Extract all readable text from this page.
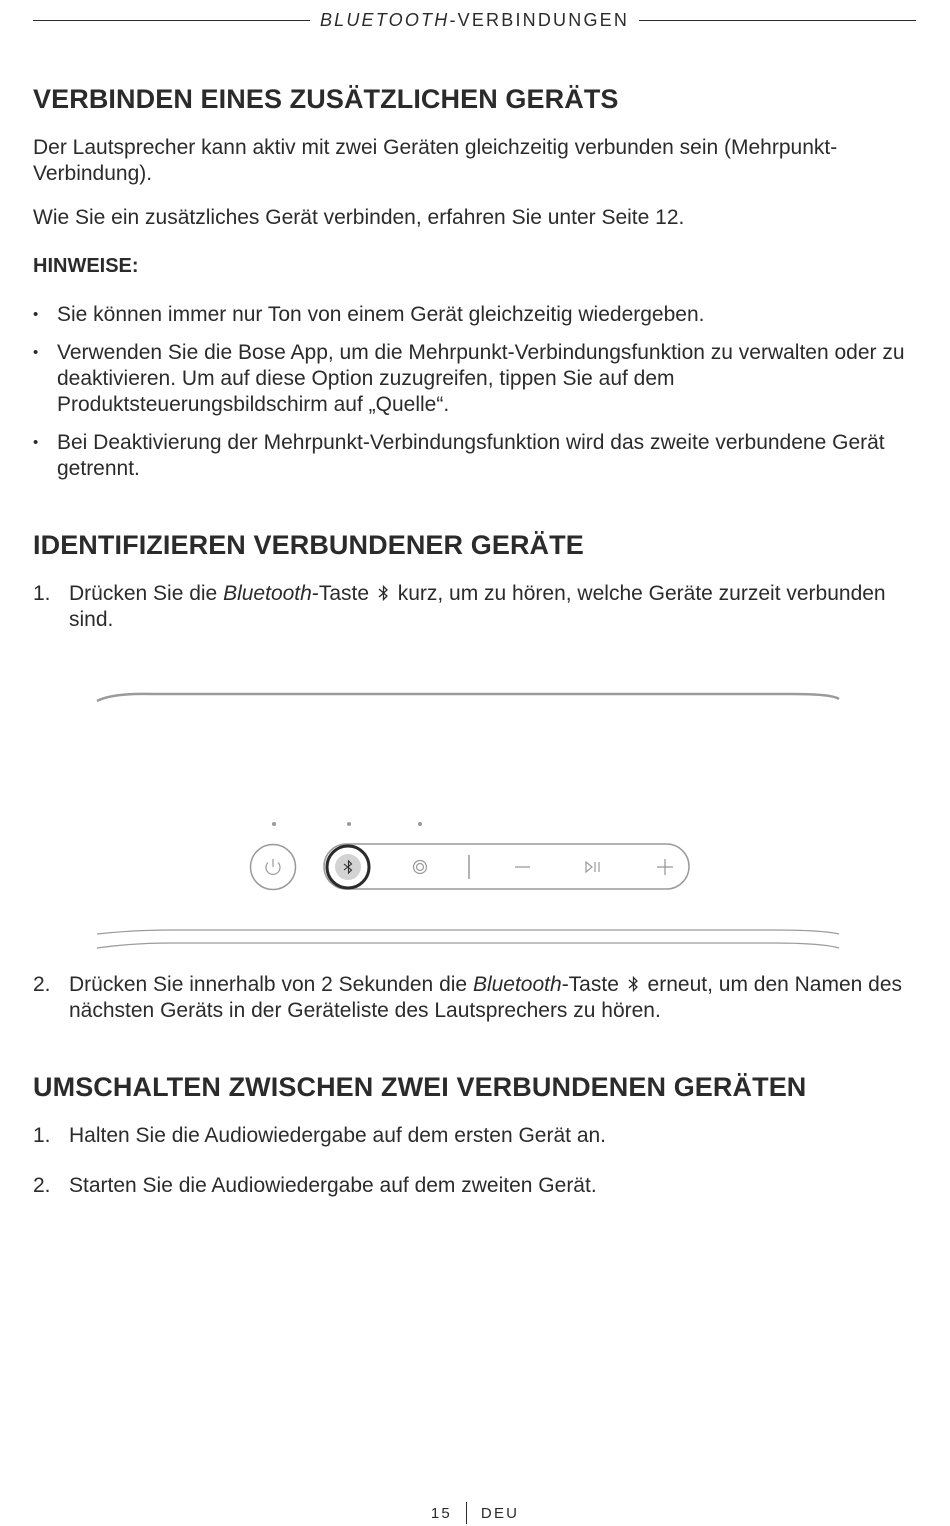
BLUETOOTH-VERBINDUNGEN
VERBINDEN EINES ZUSÄTZLICHEN GERÄTS

Der Lautsprecher kann aktiv mit zwei Geräten gleichzeitig verbunden sein (Mehrpunkt-Verbindung).

Wie Sie ein zusätzliches Gerät verbinden, erfahren Sie unter Seite 12.

HINWEISE:
• Sie können immer nur Ton von einem Gerät gleichzeitig wiedergeben.
• Verwenden Sie die Bose App, um die Mehrpunkt-Verbindungsfunktion zu verwalten oder zu deaktivieren. Um auf diese Option zuzugreifen, tippen Sie auf dem Produktsteuerungsbildschirm auf „Quelle“.
• Bei Deaktivierung der Mehrpunkt-Verbindungsfunktion wird das zweite verbundene Gerät getrennt.
IDENTIFIZIEREN VERBUNDENER GERÄTE
1. Drücken Sie die Bluetooth-Taste  kurz, um zu hören, welche Geräte zurzeit verbunden sind.
2. Drücken Sie innerhalb von 2 Sekunden die Bluetooth-Taste  erneut, um den Namen des nächsten Geräts in der Geräteliste des Lautsprechers zu hören.
UMSCHALTEN ZWISCHEN ZWEI VERBUNDENEN GERÄTEN
1. Halten Sie die Audiowiedergabe auf dem ersten Gerät an.
2. Starten Sie die Audiowiedergabe auf dem zweiten Gerät.
15 DEU
